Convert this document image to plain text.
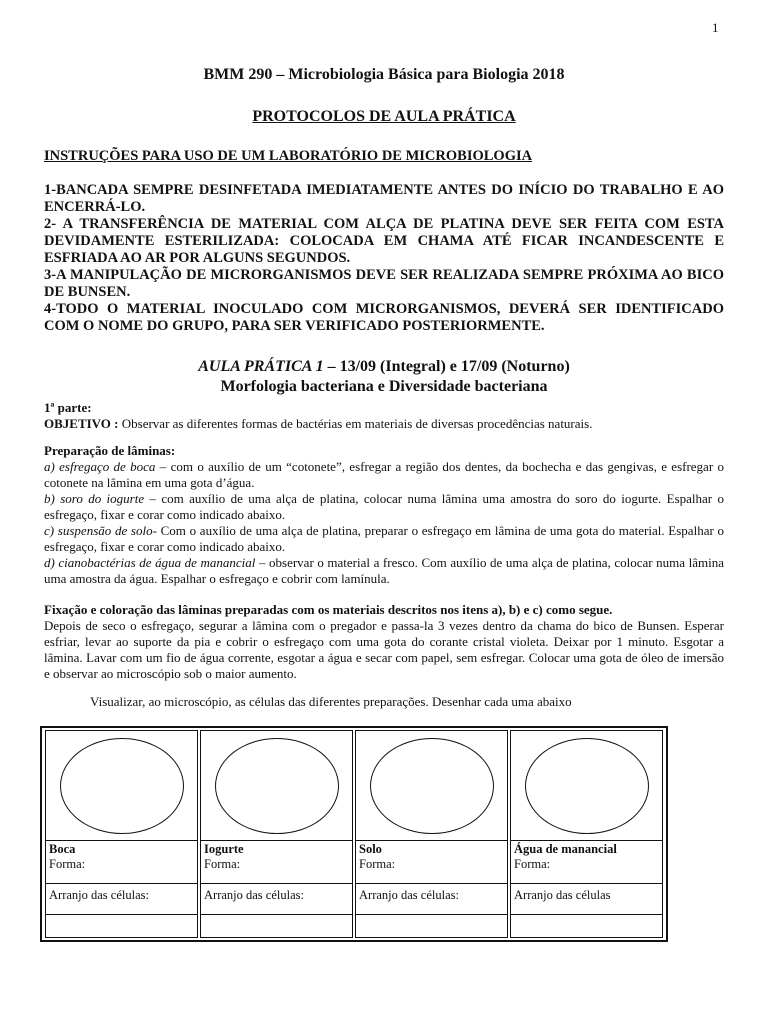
1
BMM 290 – Microbiologia Básica para Biologia 2018
PROTOCOLOS DE AULA PRÁTICA
INSTRUÇÕES PARA USO DE UM LABORATÓRIO DE MICROBIOLOGIA

1-BANCADA SEMPRE DESINFETADA IMEDIATAMENTE ANTES DO INÍCIO DO TRABALHO E AO ENCERRÁ-LO.

2- A TRANSFERÊNCIA DE MATERIAL COM ALÇA DE PLATINA DEVE SER FEITA COM ESTA DEVIDAMENTE ESTERILIZADA: COLOCADA EM CHAMA ATÉ FICAR INCANDESCENTE E ESFRIADA AO AR POR ALGUNS SEGUNDOS.

3-A MANIPULAÇÃO DE MICRORGANISMOS DEVE SER REALIZADA SEMPRE PRÓXIMA AO BICO DE BUNSEN.

4-TODO O MATERIAL INOCULADO COM MICRORGANISMOS, DEVERÁ SER IDENTIFICADO COM O NOME DO GRUPO, PARA SER VERIFICADO POSTERIORMENTE.

AULA PRÁTICA 1 – 13/09 (Integral) e 17/09 (Noturno)
Morfologia bacteriana e Diversidade bacteriana

1ª parte:

OBJETIVO : Observar as diferentes formas de bactérias em materiais de diversas procedências naturais.

Preparação de lâminas:

a) esfregaço de boca – com o auxílio de um “cotonete”, esfregar a região dos dentes, da bochecha e das gengivas, e esfregar o cotonete na lâmina em uma gota d’água.

b) soro do iogurte – com auxílio de uma alça de platina, colocar numa lâmina uma amostra do soro do iogurte. Espalhar o esfregaço, fixar e corar como indicado abaixo.

c) suspensão de solo- Com o auxílio de uma alça de platina, preparar o esfregaço em lâmina de uma gota do material. Espalhar o esfregaço, fixar e corar como indicado abaixo.

d) cianobactérias de água de manancial – observar o material a fresco. Com auxílio de uma alça de platina, colocar numa lâmina uma amostra da água. Espalhar o esfregaço e cobrir com lamínula.

Fixação e coloração das lâminas preparadas com os materiais descritos nos itens a), b) e c) como segue.

Depois de seco o esfregaço, segurar a lâmina com o pregador e passa-la 3 vezes dentro da chama do bico de Bunsen. Esperar esfriar, levar ao suporte da pia e cobrir o esfregaço com uma gota do corante cristal violeta. Deixar por 1 minuto. Esgotar a lâmina. Lavar com um fio de água corrente, esgotar a água e secar com papel, sem esfregar. Colocar uma gota de óleo de imersão e observar ao microscópio sob o maior aumento.

Visualizar, ao microscópio, as células das diferentes preparações. Desenhar cada uma abaixo
Boca
Forma:
Arranjo das células:
Iogurte
Forma:
Arranjo das células:
Solo
Forma:
Arranjo das células:
Água de manancial
Forma:
Arranjo das células
